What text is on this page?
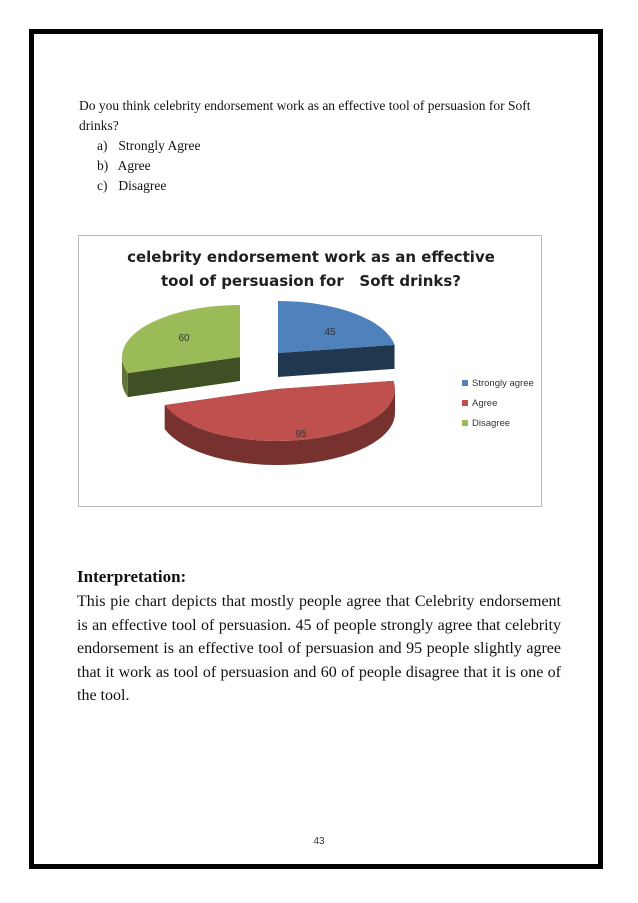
Do you think celebrity endorsement work as an effective tool of persuasion for Soft drinks?
a) Strongly Agree
b) Agree
c) Disagree
celebrity endorsement work as an effective
tool of persuasion for   Soft drinks?
45
95
60
Strongly agree
Agree
Disagree
Interpretation:
This pie chart depicts that mostly people agree that Celebrity endorsement is an effective tool of persuasion. 45 of people strongly agree that celebrity endorsement is an effective tool of persuasion and 95 people slightly agree that it work as tool of persuasion and 60 of people disagree that it is one of the tool.
43
